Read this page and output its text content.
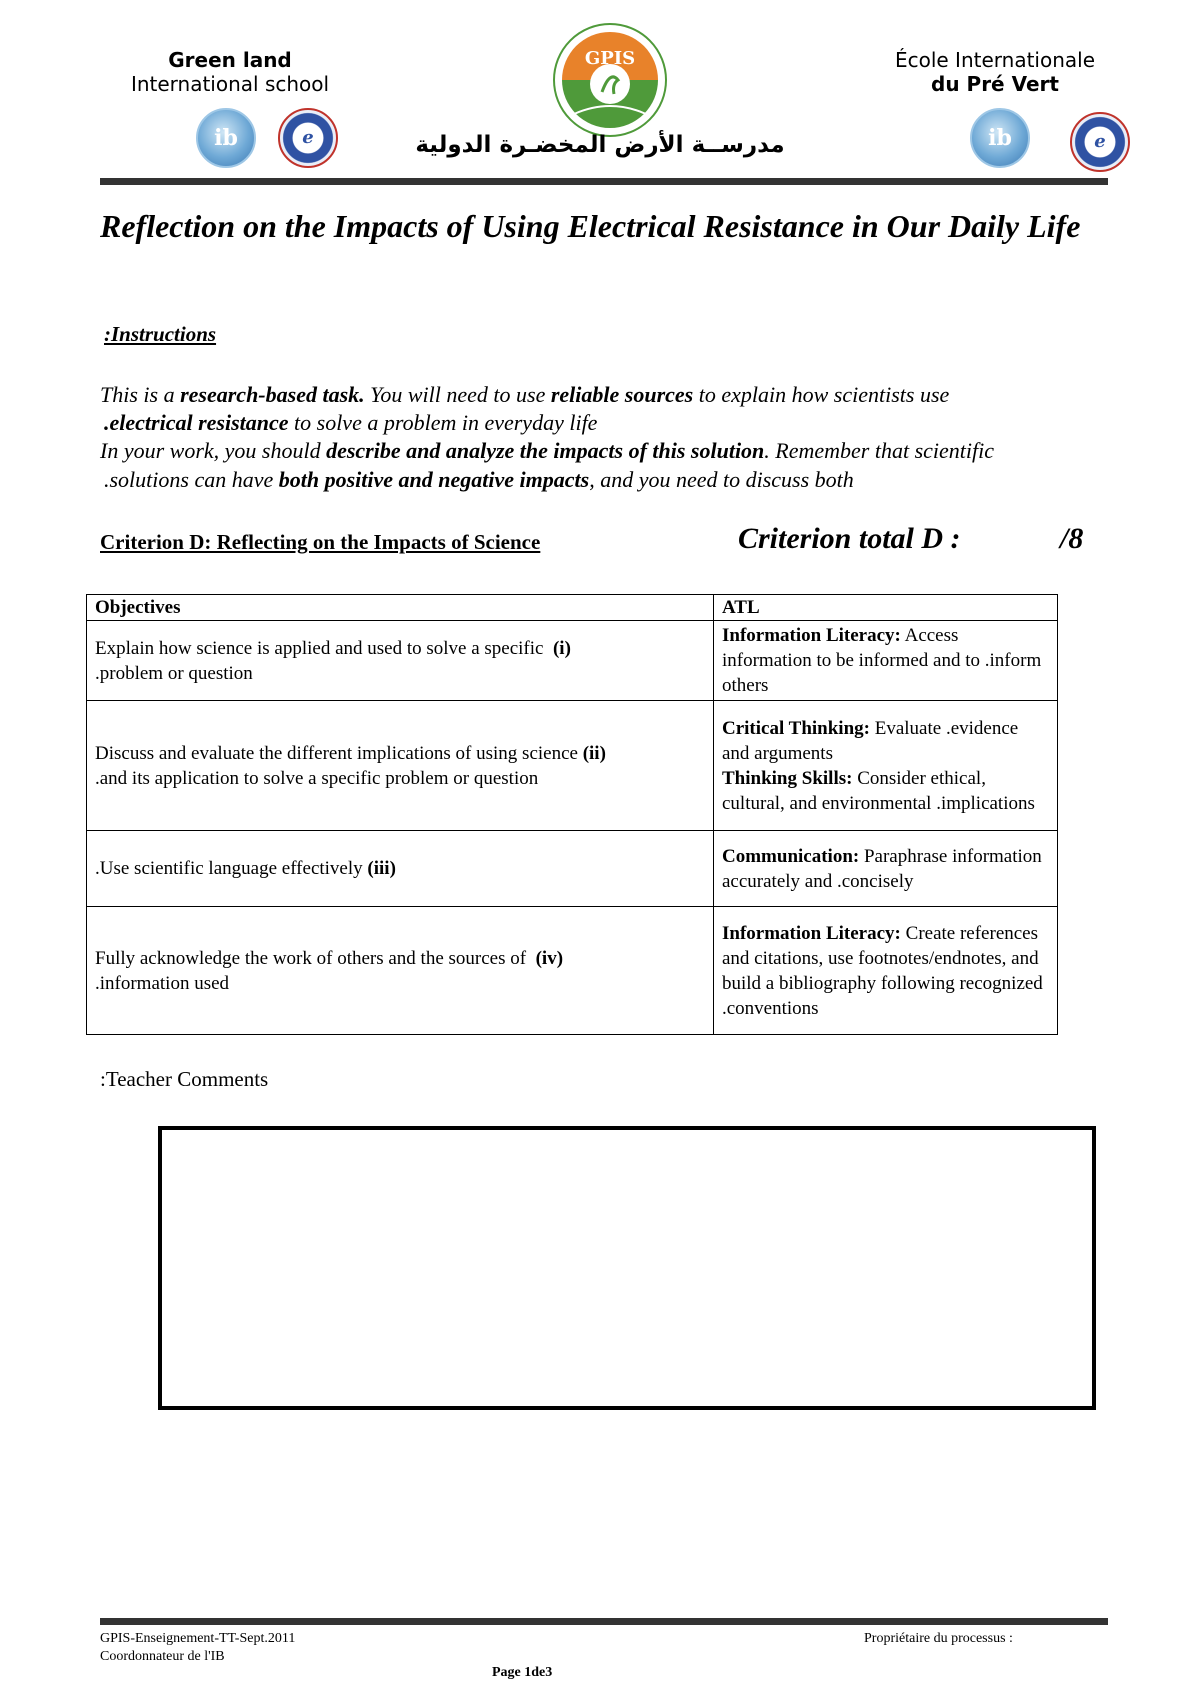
Green land
International school
GPIS	École Internationale
du Pré Vert
ib	e	ib	e
مدرســة الأرض المخضـرة الدولية
Reflection on the Impacts of Using Electrical Resistance in Our Daily Life
:Instructions
This is a research-based task. You will need to use reliable sources to explain how scientists use
.electrical resistance to solve a problem in everyday life
In your work, you should describe and analyze the impacts of this solution. Remember that scientific
.solutions can have both positive and negative impacts, and you need to discuss both
Criterion D: Reflecting on the Impacts of Science	Criterion total D :	/8
Objectives	ATL
Explain how science is applied and used to solve a specific (i)
.problem or question	Information Literacy: Access information to be informed and to .inform others
Discuss and evaluate the different implications of using science (ii)
.and its application to solve a specific problem or question	Critical Thinking: Evaluate .evidence and arguments
Thinking Skills: Consider ethical, cultural, and environmental .implications
.Use scientific language effectively (iii)	Communication: Paraphrase information accurately and .concisely
Fully acknowledge the work of others and the sources of (iv)
.information used	Information Literacy: Create references and citations, use footnotes/endnotes, and build a bibliography following recognized .conventions
:Teacher Comments
GPIS-Enseignement-TT-Sept.2011
Coordonnateur de l'IB
Propriétaire du processus :
Page 1de3
